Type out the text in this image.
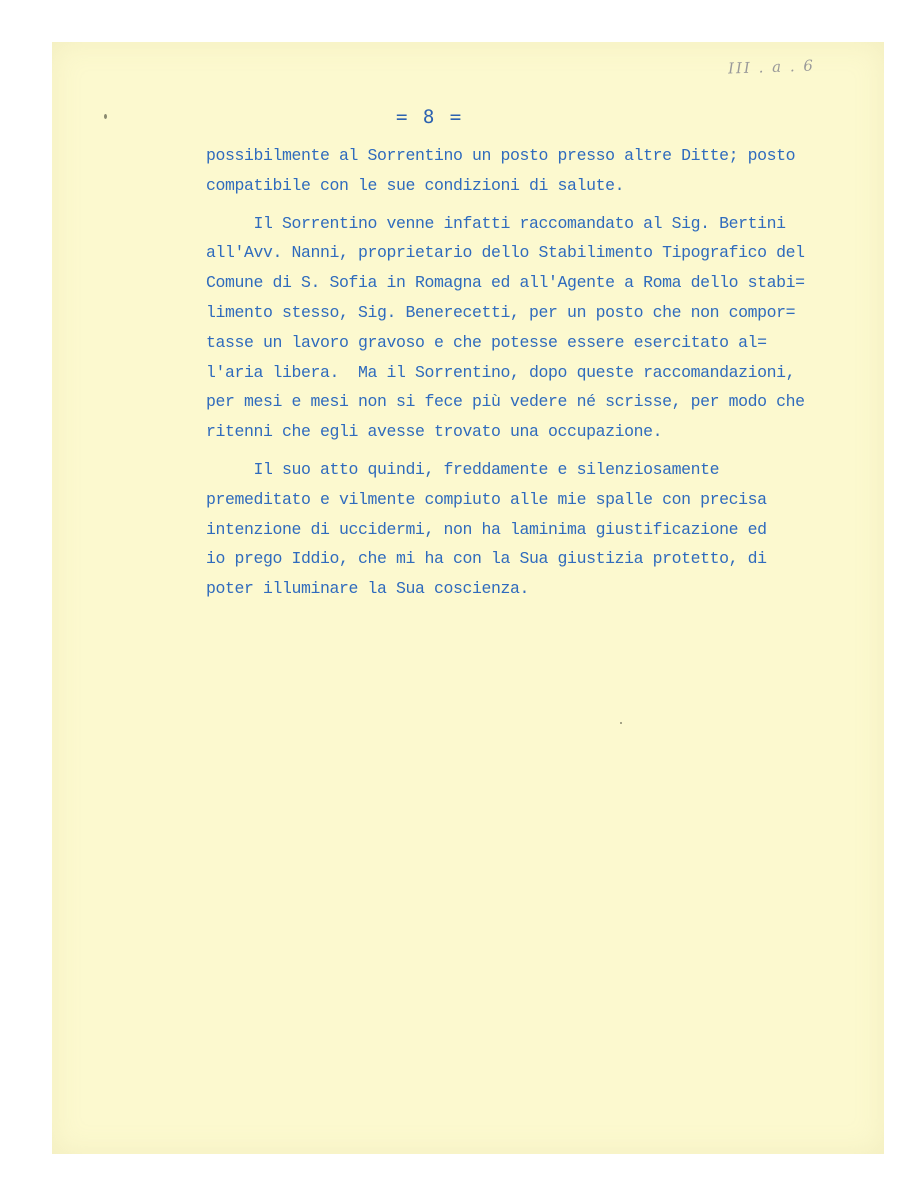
III . a . 6
= 8 =
possibilmente al Sorrentino un posto presso altre Ditte; posto
compatibile con le sue condizioni di salute.
Il Sorrentino venne infatti raccomandato al Sig. Bertini
all'Avv. Nanni, proprietario dello Stabilimento Tipografico del
Comune di S. Sofia in Romagna ed all'Agente a Roma dello stabi=
limento stesso, Sig. Benerecetti, per un posto che non compor=
tasse un lavoro gravoso e che potesse essere esercitato al=
l'aria libera.  Ma il Sorrentino, dopo queste raccomandazioni,
per mesi e mesi non si fece più vedere né scrisse, per modo che
ritenni che egli avesse trovato una occupazione.
Il suo atto quindi, freddamente e silenziosamente
premeditato e vilmente compiuto alle mie spalle con precisa
intenzione di uccidermi, non ha laminima giustificazione ed
io prego Iddio, che mi ha con la Sua giustizia protetto, di
poter illuminare la Sua coscienza.
